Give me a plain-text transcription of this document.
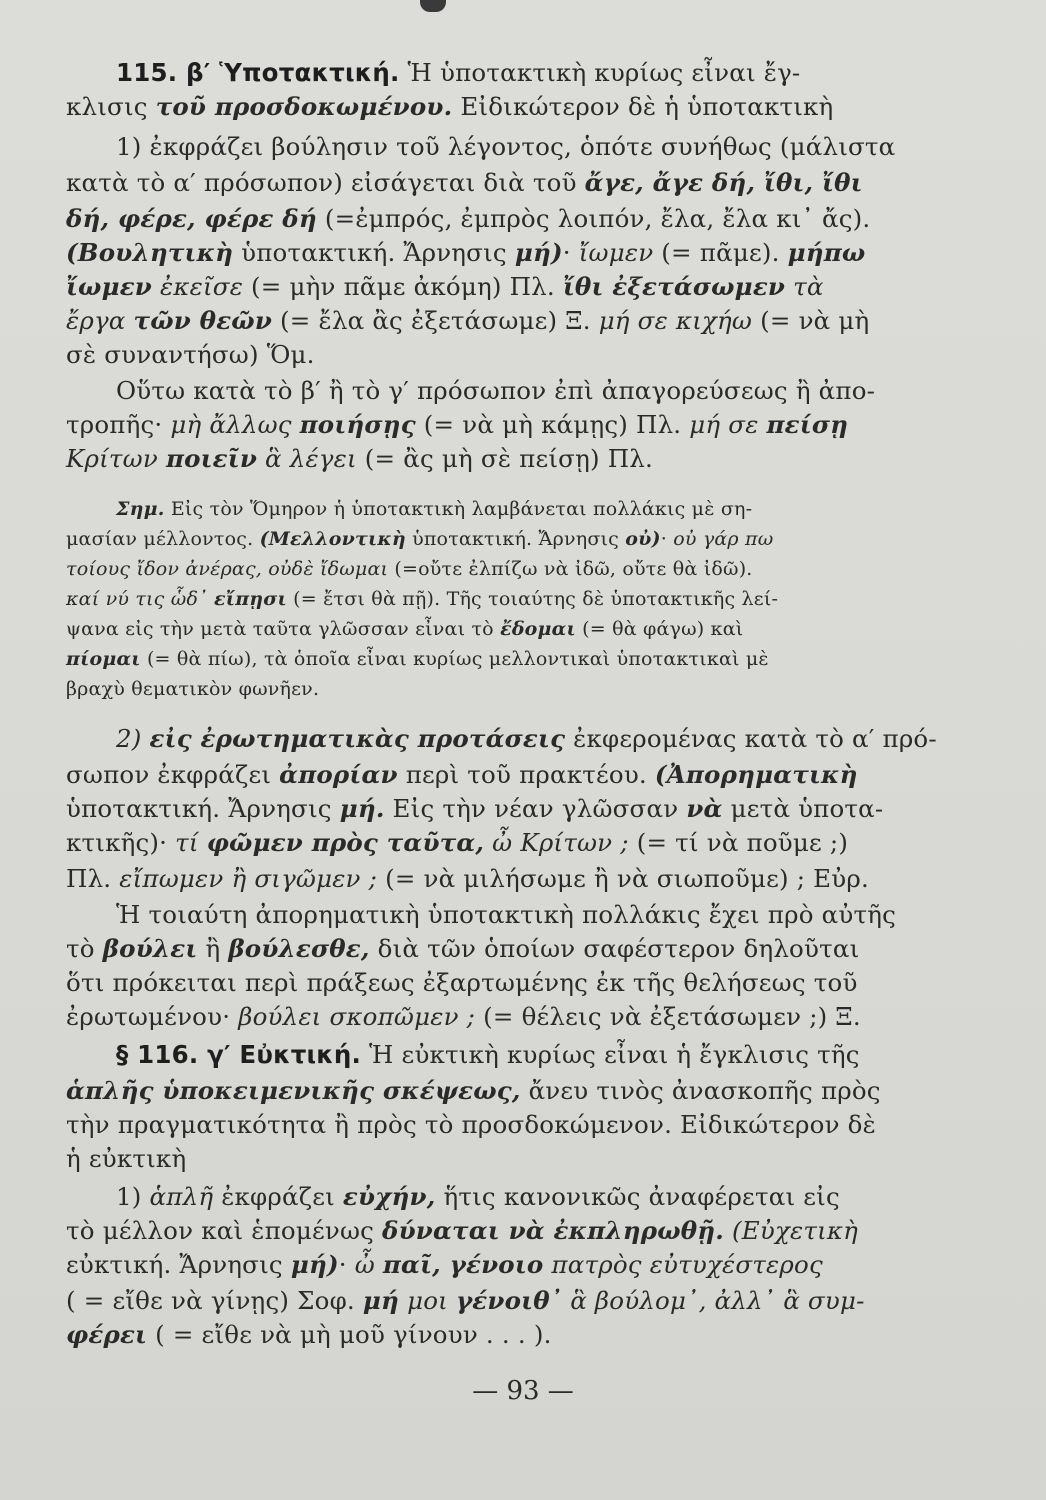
115. β′ Ὑποτακτική. Ἡ ὑποτακτικὴ κυρίως εἶναι ἔγ-
κλισις τοῦ προσδοκωμένου. Εἰδικώτερον δὲ ἡ ὑποτακτικὴ
1) ἐκφράζει βούλησιν τοῦ λέγοντος, ὁπότε συνήθως (μάλιστα
κατὰ τὸ α′ πρόσωπον) εἰσάγεται διὰ τοῦ ἄγε, ἄγε δή, ἴθι, ἴθι
δή, φέρε, φέρε δή (=ἐμπρός, ἐμπρὸς λοιπόν, ἔλα, ἔλα κι᾽ ἄς).
(Βουλητικὴ ὑποτακτική. Ἄρνησις μή)· ἴωμεν (= πᾶμε). μήπω
ἴωμεν ἐκεῖσε (= μὴν πᾶμε ἀκόμη) Πλ. ἴθι ἐξετάσωμεν τὰ
ἔργα τῶν θεῶν (= ἔλα ἂς ἐξετάσωμε) Ξ. μή σε κιχήω (= νὰ μὴ
σὲ συναντήσω) Ὅμ.
Οὕτω κατὰ τὸ β′ ἢ τὸ γ′ πρόσωπον ἐπὶ ἀπαγορεύσεως ἢ ἀπο-
τροπῆς· μὴ ἄλλως ποιήσῃς (= νὰ μὴ κάμῃς) Πλ. μή σε πείσῃ
Κρίτων ποιεῖν ἃ λέγει (= ἂς μὴ σὲ πείσῃ) Πλ.
Σημ. Εἰς τὸν Ὅμηρον ἡ ὑποτακτικὴ λαμβάνεται πολλάκις μὲ ση-
μασίαν μέλλοντος. (Μελλοντικὴ ὑποτακτική. Ἄρνησις οὐ)· οὐ γάρ πω
τοίους ἴδον ἀνέρας, οὐδὲ ἴδωμαι (=οὔτε ἐλπίζω νὰ ἰδῶ, οὔτε θὰ ἰδῶ).
καί νύ τις ὧδ᾽ εἴπῃσι (= ἔτσι θὰ πῇ). Τῆς τοιαύτης δὲ ὑποτακτικῆς λεί-
ψανα εἰς τὴν μετὰ ταῦτα γλῶσσαν εἶναι τὸ ἔδομαι (= θὰ φάγω) καὶ
πίομαι (= θὰ πίω), τὰ ὁποῖα εἶναι κυρίως μελλοντικαὶ ὑποτακτικαὶ μὲ
βραχὺ θεματικὸν φωνῆεν.
2) εἰς ἐρωτηματικὰς προτάσεις ἐκφερομένας κατὰ τὸ α′ πρό-
σωπον ἐκφράζει ἀπορίαν περὶ τοῦ πρακτέου. (Ἀπορηματικὴ
ὑποτακτική. Ἄρνησις μή. Εἰς τὴν νέαν γλῶσσαν νὰ μετὰ ὑποτα-
κτικῆς)· τί φῶμεν πρὸς ταῦτα, ὦ Κρίτων ; (= τί νὰ ποῦμε ;)
Πλ. εἴπωμεν ἢ σιγῶμεν ; (= νὰ μιλήσωμε ἢ νὰ σιωποῦμε) ; Εὐρ.
Ἡ τοιαύτη ἀπορηματικὴ ὑποτακτικὴ πολλάκις ἔχει πρὸ αὐτῆς
τὸ βούλει ἢ βούλεσθε, διὰ τῶν ὁποίων σαφέστερον δηλοῦται
ὅτι πρόκειται περὶ πράξεως ἐξαρτωμένης ἐκ τῆς θελήσεως τοῦ
ἐρωτωμένου· βούλει σκοπῶμεν ; (= θέλεις νὰ ἐξετάσωμεν ;) Ξ.
§ 116. γ′ Εὐκτική. Ἡ εὐκτικὴ κυρίως εἶναι ἡ ἔγκλισις τῆς
ἁπλῆς ὑποκειμενικῆς σκέψεως, ἄνευ τινὸς ἀνασκοπῆς πρὸς
τὴν πραγματικότητα ἢ πρὸς τὸ προσδοκώμενον. Εἰδικώτερον δὲ
ἡ εὐκτικὴ
1) ἁπλῆ ἐκφράζει εὐχήν, ἥτις κανονικῶς ἀναφέρεται εἰς
τὸ μέλλον καὶ ἑπομένως δύναται νὰ ἐκπληρωθῇ. (Εὐχετικὴ
εὐκτική. Ἄρνησις μή)· ὦ παῖ, γένοιο πατρὸς εὐτυχέστερος
( = εἴθε νὰ γίνῃς) Σοφ. μή μοι γένοιθ᾽ ἃ βούλομ᾽, ἀλλ᾽ ἃ συμ-
φέρει ( = εἴθε νὰ μὴ μοῦ γίνουν . . . ).
— 93 —
